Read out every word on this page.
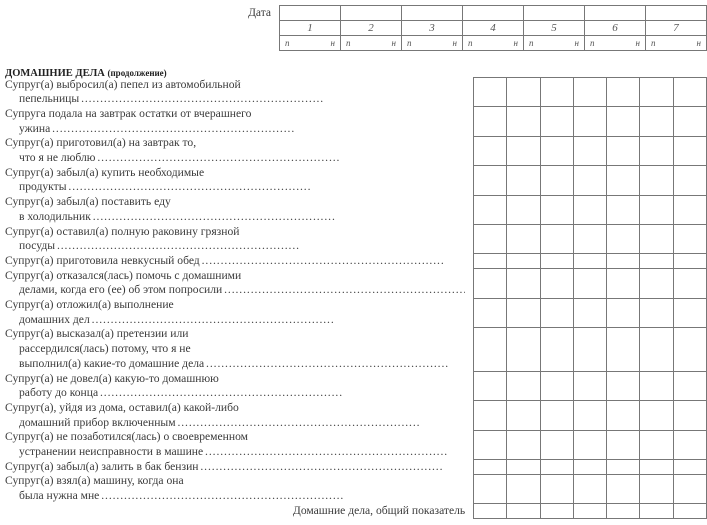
Дата							
	1	2	3	4	5	6	7

	п н	п н	п н	п н	п н	п н	п н
ДОМАШНИЕ ДЕЛА (продолжение)
Супруг(а) выбросил(а) пепел из автомобильной
пепельницы . . .

Супруга подала на завтрак остатки от вчерашнего
ужина . . .

Супруг(а) приготовил(а) на завтрак то,
что я не люблю . . .

Супруг(а) забыл(а) купить необходимые
продукты . . .

Супруг(а) забыл(а) поставить еду
в холодильник . . .

Супруг(а) оставил(а) полную раковину грязной
посуды . . .

Супруг(а) приготовила невкусный обед . . .

Супруг(а) отказался(лась) помочь с домашними
делами, когда его (ее) об этом попросили . . .

Супруг(а) отложил(а) выполнение
домашних дел . . .

Супруг(а) высказал(а) претензии или
рассердился(лась) потому, что я не
выполнил(а) какие-то домашние дела . . .

Супруг(а) не довел(а) какую-то домашнюю
работу до конца . . .

Супруг(а), уйдя из дома, оставил(а) какой-либо
домашний прибор включенным . . .

Супруг(а) не позаботился(лась) о своевременном
устранении неисправности в машине . . .

Супруг(а) забыл(а) залить в бак бензин . . .

Супруг(а) взял(а) машину, когда она
была нужна мне . . .

Домашние дела, общий показатель							
